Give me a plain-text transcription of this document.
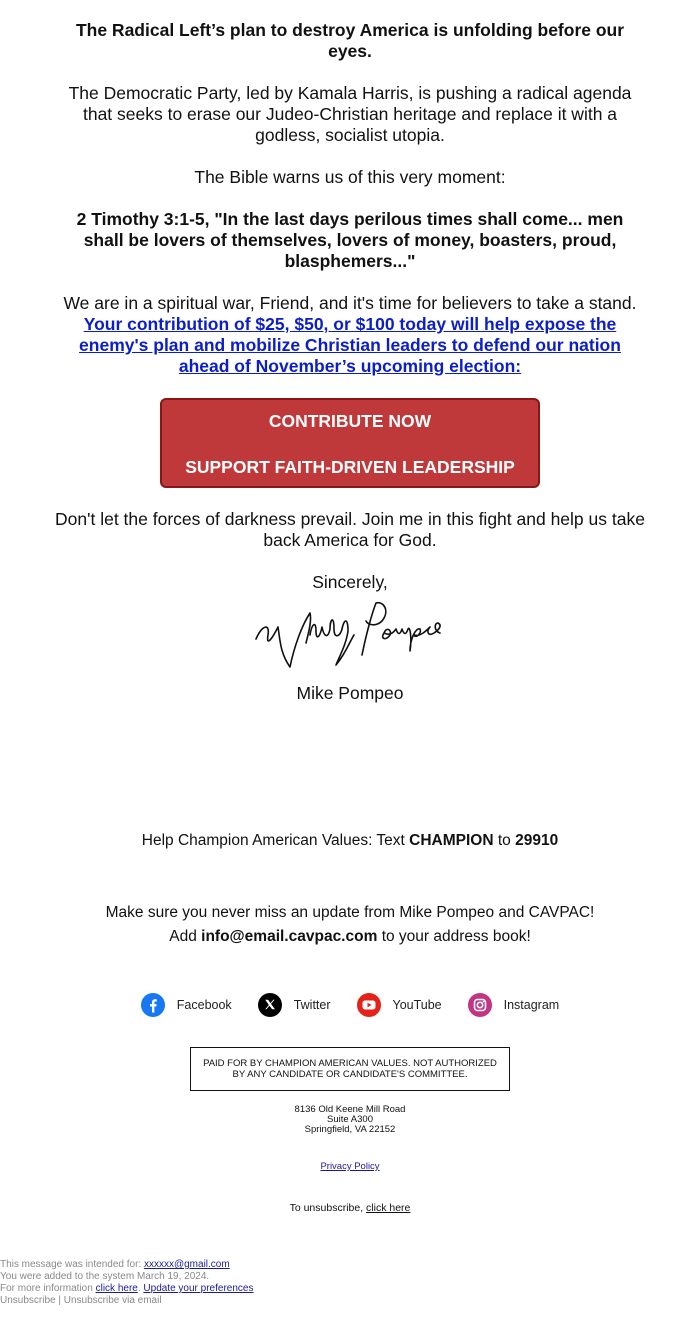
The Radical Left’s plan to destroy America is unfolding before our eyes.

The Democratic Party, led by Kamala Harris, is pushing a radical agenda that seeks to erase our Judeo-Christian heritage and replace it with a godless, socialist utopia.

The Bible warns us of this very moment:

2 Timothy 3:1-5, "In the last days perilous times shall come... men shall be lovers of themselves, lovers of money, boasters, proud, blasphemers..."

We are in a spiritual war, Friend, and it's time for believers to take a stand. Your contribution of $25, $50, or $100 today will help expose the enemy's plan and mobilize Christian leaders to defend our nation ahead of November’s upcoming election:

CONTRIBUTE NOW
SUPPORT FAITH-DRIVEN LEADERSHIP

Don't let the forces of darkness prevail. Join me in this fight and help us take back America for God.

Sincerely,

Mike Pompeo

Help Champion American Values: Text CHAMPION to 29910

Make sure you never miss an update from Mike Pompeo and CAVPAC!
Add info@email.cavpac.com to your address book!

Facebook	Twitter	YouTube	Instagram
PAID FOR BY CHAMPION AMERICAN VALUES. NOT AUTHORIZED BY ANY CANDIDATE OR CANDIDATE'S COMMITTEE.

8136 Old Keene Mill Road
Suite A300
Springfield, VA 22152

Privacy Policy

To unsubscribe, click here

This message was intended for: xxxxxx@gmail.com
You were added to the system March 19, 2024.
For more information click here. Update your preferences
Unsubscribe | Unsubscribe via email
